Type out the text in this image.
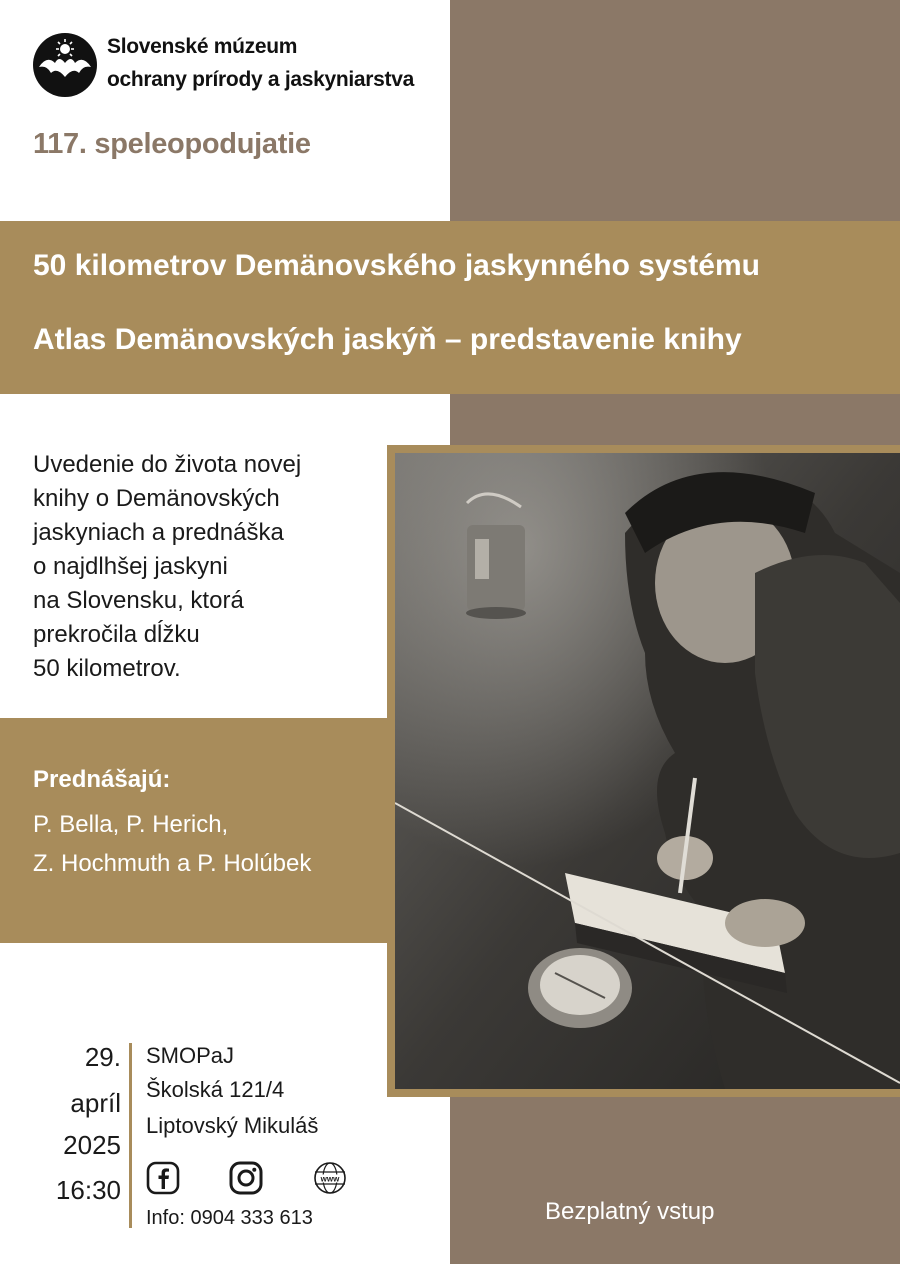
Slovenské múzeum
ochrany prírody a jaskyniarstva
117. speleopodujatie
50 kilometrov Demänovského jaskynného systému
Atlas Demänovských jaskýň – predstavenie knihy
Uvedenie do života novej
knihy o Demänovských
jaskyniach a prednáška
o najdlhšej jaskyni
na Slovensku, ktorá
prekročila dĺžku
50 kilometrov.
Prednášajú:
P. Bella, P. Herich,
Z. Hochmuth a P. Holúbek
29.
apríl
2025
16:30
SMOPaJ
Školská 121/4
Liptovský Mikuláš
www
Info: 0904 333 613	Bezplatný vstup
